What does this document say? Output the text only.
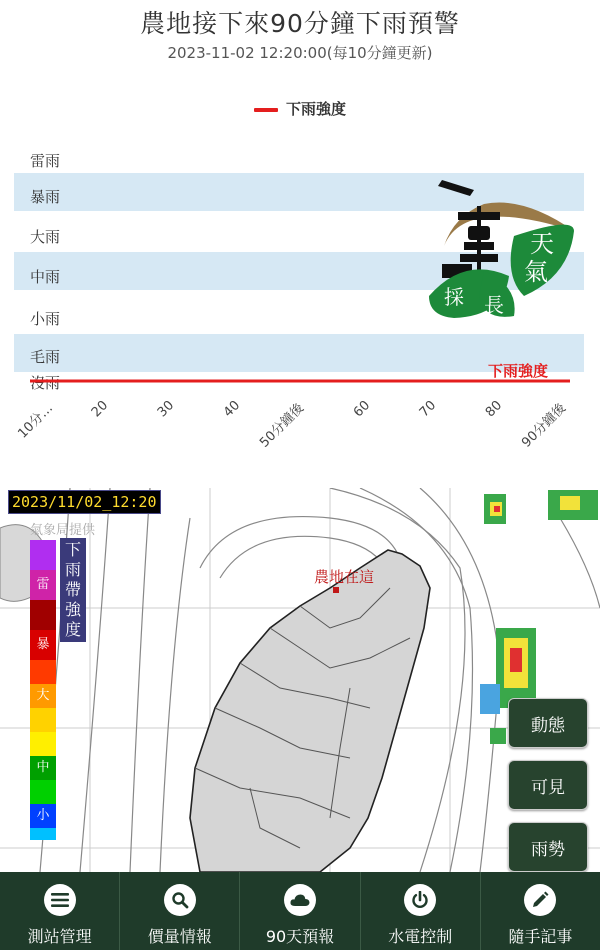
農地接下來90分鐘下雨預警
2023-11-02 12:20:00(每10分鐘更新)
下雨強度
雷雨
暴雨
大雨
中雨
小雨
毛雨
沒雨
下雨強度
天
氣
採 長
10分…	20	30	40 50分鐘後	60	70	80 90分鐘後
氣象局提供
農地在這
2023/11/02_12:20
雷
暴
大
中
小
下
雨
帶
強
度
動態
可見
雨勢
測站管理	價量情報	90天預報	水電控制	隨手記事
